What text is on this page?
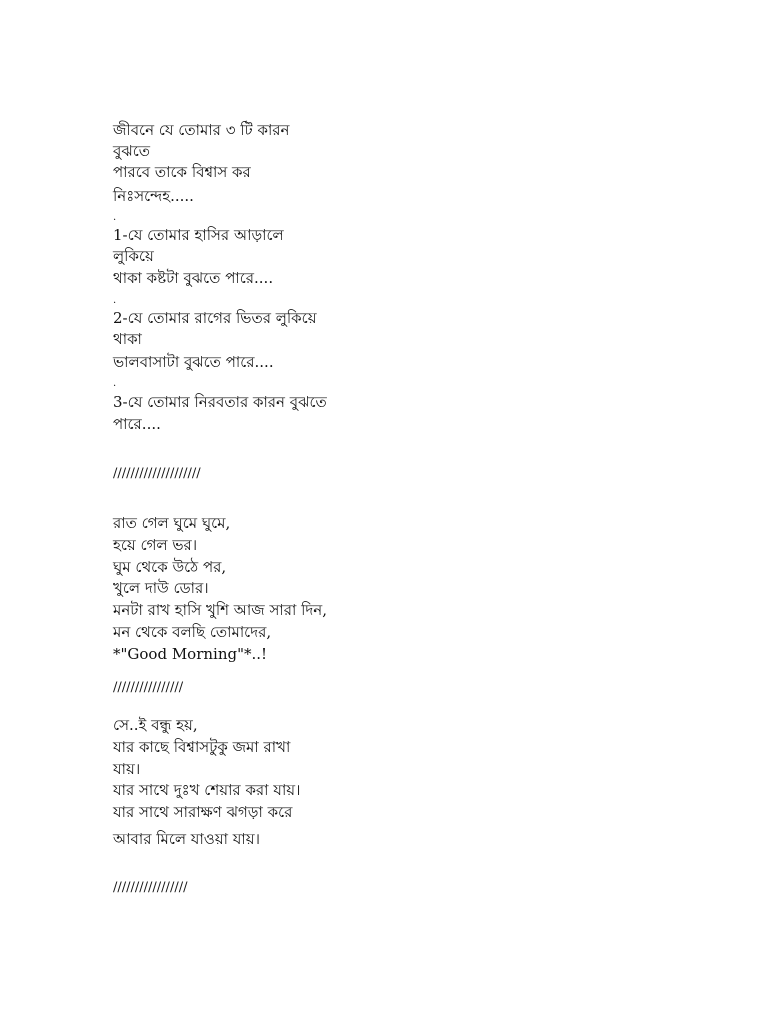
জীবনে যে তোমার ৩ টি কারন
বুঝতে
পারবে তাকে বিশ্বাস কর
নিঃসন্দেহ.....
.
1-যে তোমার হাসির আড়ালে
লুকিয়ে
থাকা কষ্টটা বুঝতে পারে....
.
2-যে তোমার রাগের ভিতর লুকিয়ে
থাকা
ভালবাসাটা বুঝতে পারে....
.
3-যে তোমার নিরবতার কারন বুঝতে
পারে....
////////////////////
রাত গেল ঘুমে ঘুমে,
হয়ে গেল ভর।
ঘুম থেকে উঠে পর,
খুলে দাউ ডোর।
মনটা রাখ হাসি খুশি আজ সারা দিন,
মন থেকে বলছি তোমাদের,
*"Good Morning"*..!
////////////////
সে..ই বন্ধু হয়,
যার কাছে বিশ্বাসটুকু জমা রাখা
যায়।
যার সাথে দুঃখ শেয়ার করা যায়।
যার সাথে সারাক্ষণ ঝগড়া করে
আবার মিলে যাওয়া যায়।
/////////////////
